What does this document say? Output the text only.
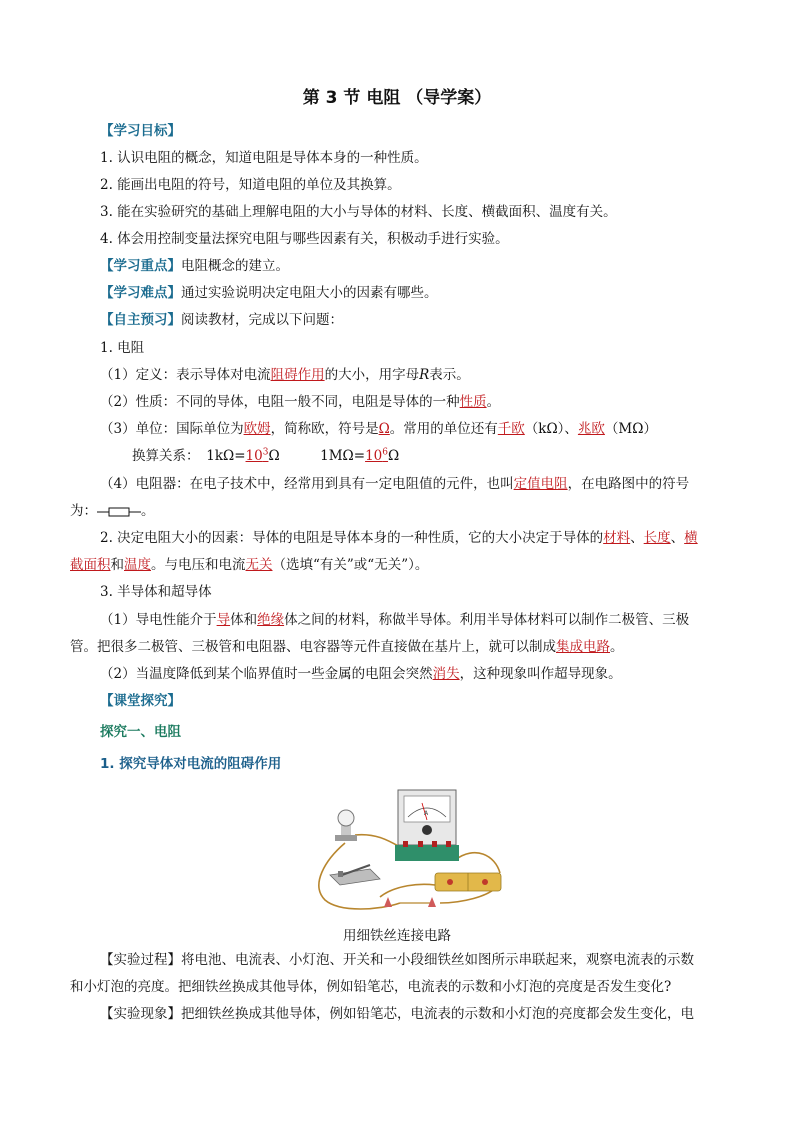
第 3 节 电阻 （导学案）
【学习目标】
1. 认识电阻的概念，知道电阻是导体本身的一种性质。
2. 能画出电阻的符号，知道电阻的单位及其换算。
3. 能在实验研究的基础上理解电阻的大小与导体的材料、长度、横截面积、温度有关。
4. 体会用控制变量法探究电阻与哪些因素有关，积极动手进行实验。
【学习重点】电阻概念的建立。
【学习难点】通过实验说明决定电阻大小的因素有哪些。
【自主预习】阅读教材，完成以下问题：
1. 电阻
（1）定义：表示导体对电流阻碍作用的大小，用字母R表示。
（2）性质：不同的导体，电阻一般不同，电阻是导体的一种性质。
（3）单位：国际单位为欧姆，简称欧，符号是Ω。常用的单位还有千欧（kΩ）、兆欧（MΩ）
换算关系：　$1k\Omega=10^3\Omega$　　　$1M\Omega=10^6\Omega$
（4）电阻器：在电子技术中，经常用到具有一定电阻值的元件，也叫定值电阻，在电路图中的符号
为：	。
2. 决定电阻大小的因素：导体的电阻是导体本身的一种性质，它的大小决定于导体的材料、长度、横
截面积和温度。与电压和电流无关（选填“有关”或“无关”）。
3. 半导体和超导体
（1）导电性能介于导体和绝缘体之间的材料，称做半导体。利用半导体材料可以制作二极管、三极
管。把很多二极管、三极管和电阻器、电容器等元件直接做在基片上，就可以制成集成电路。
（2）当温度降低到某个临界值时一些金属的电阻会突然消失，这种现象叫作超导现象。
【课堂探究】
探究一、电阻
1. 探究导体对电流的阻碍作用
A
用细铁丝连接电路
【实验过程】将电池、电流表、小灯泡、开关和一小段细铁丝如图所示串联起来，观察电流表的示数
和小灯泡的亮度。把细铁丝换成其他导体，例如铅笔芯，电流表的示数和小灯泡的亮度是否发生变化?
【实验现象】把细铁丝换成其他导体，例如铅笔芯，电流表的示数和小灯泡的亮度都会发生变化，电
